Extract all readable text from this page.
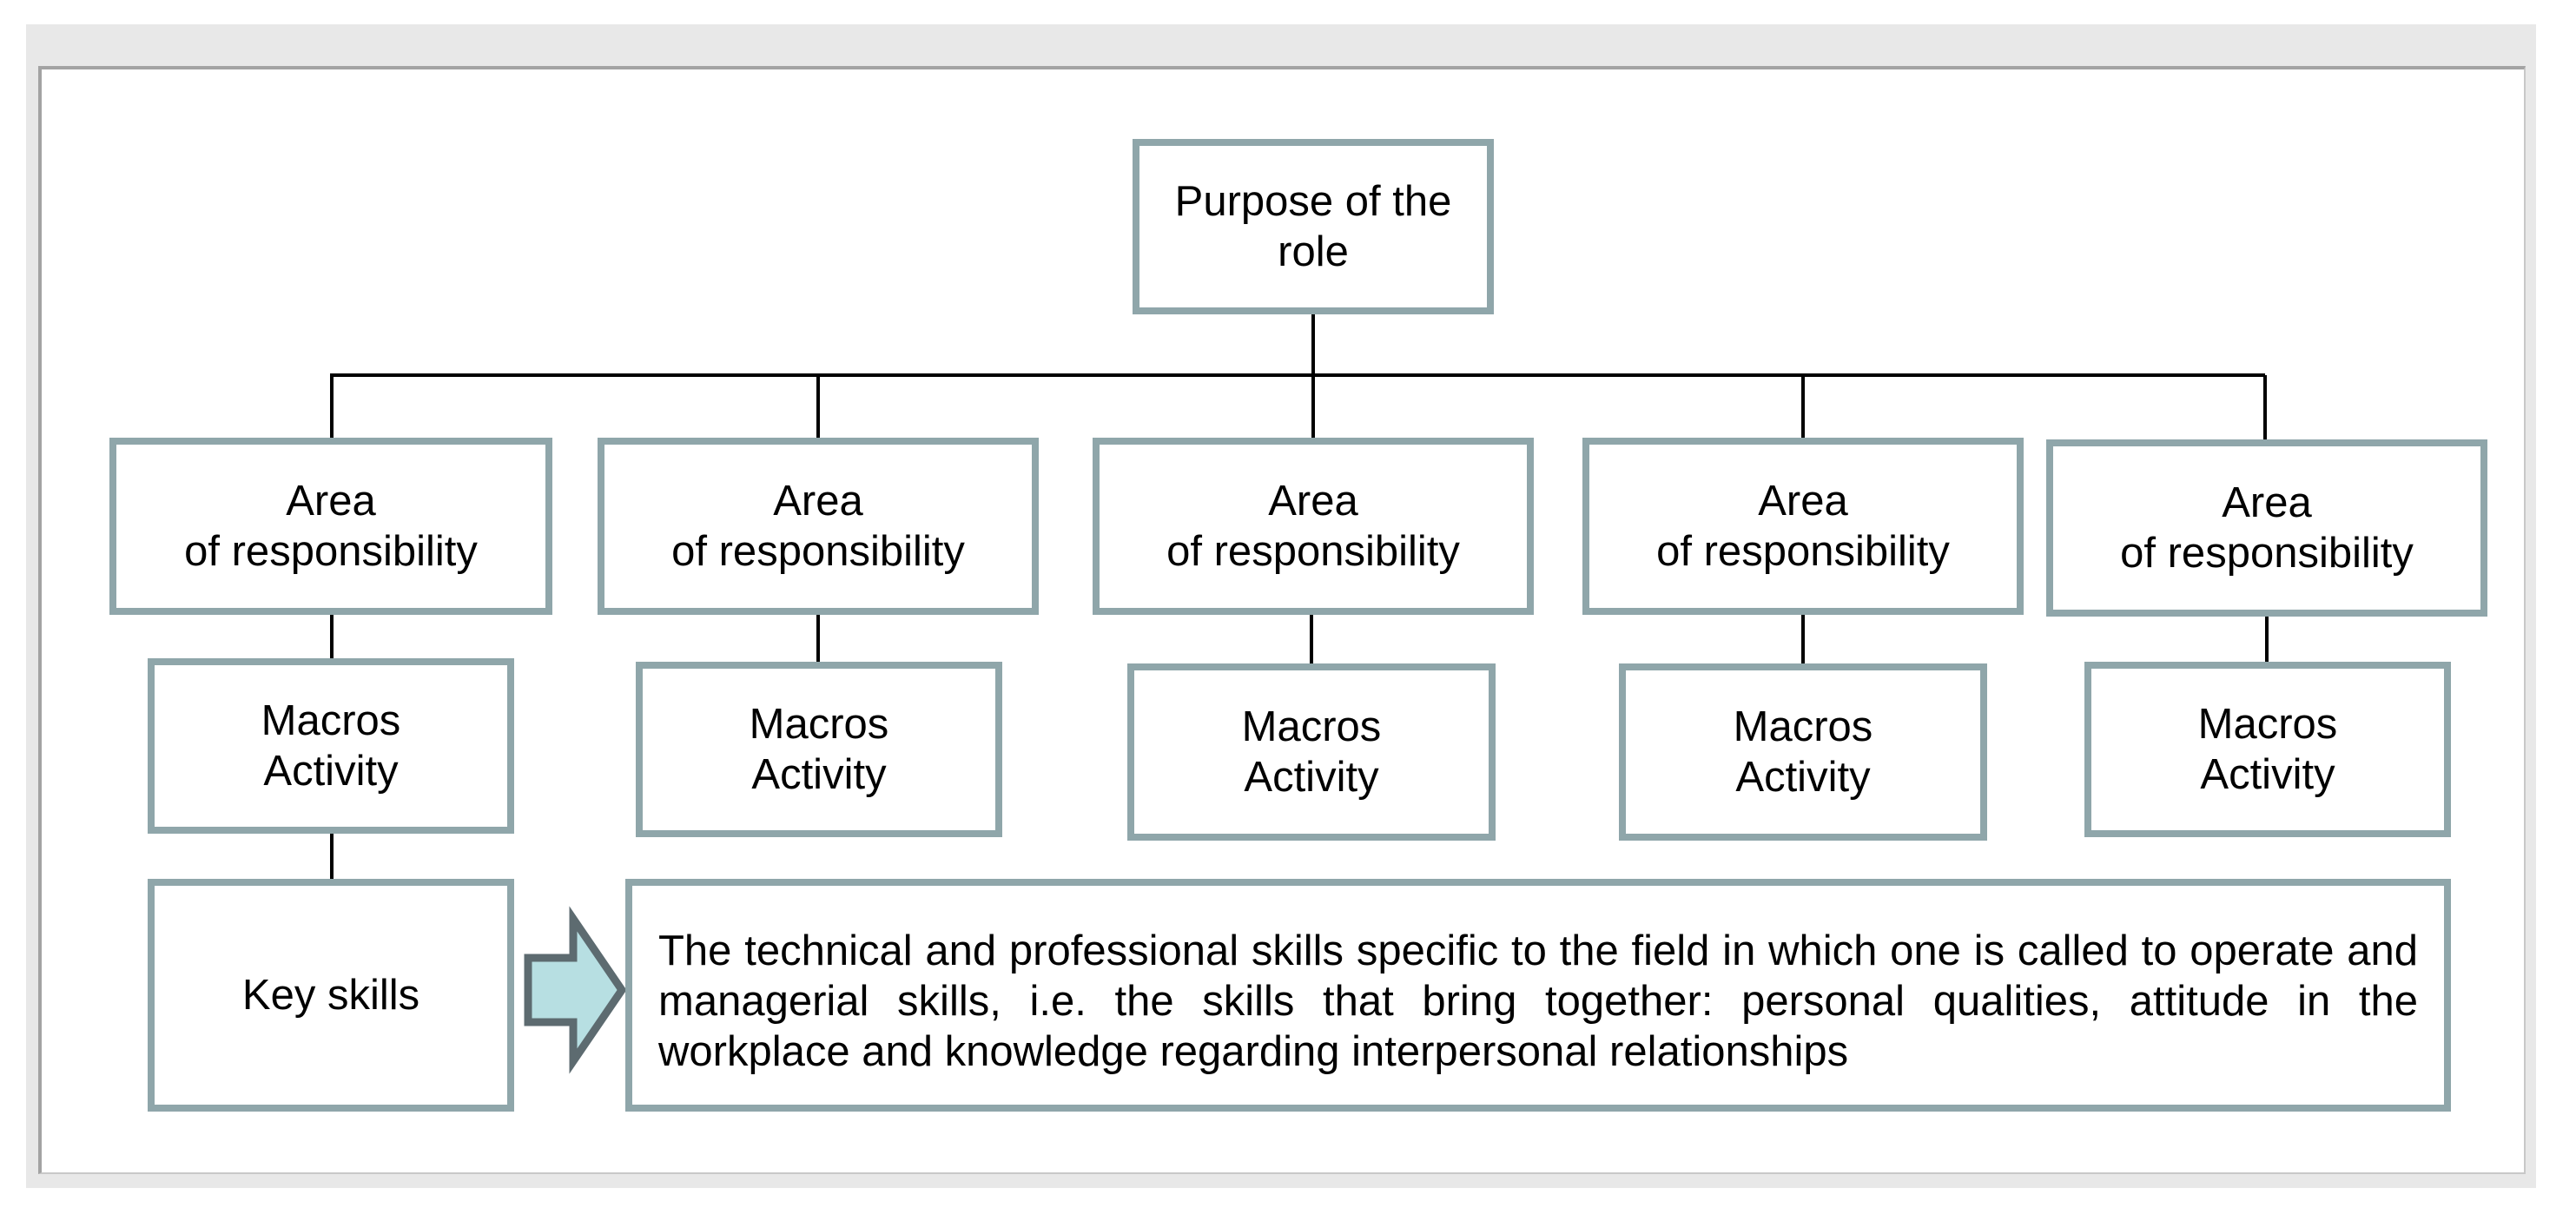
Purpose of the
role
Area
of responsibility
Area
of responsibility
Area
of responsibility
Area
of responsibility
Area
of responsibility
Macros
Activity
Macros
Activity
Macros
Activity
Macros
Activity
Macros
Activity
Key skills
The technical and professional skills specific to the field in which one is called to operate and managerial skills, i.e. the skills that bring together: personal qualities, attitude in the workplace and knowledge regarding interpersonal relationships
